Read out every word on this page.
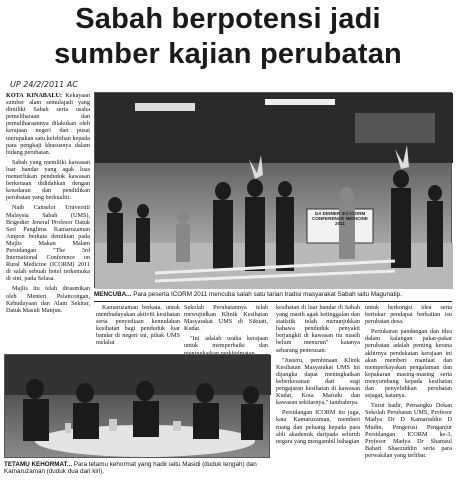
Sabah berpotensi jadi
sumber kajian perubatan
UP 24/2/2011 AC

KOTA KINABALU: Kekayaan sumber alam semulajadi yang dimiliki Sabah serta usaha pemeliharaan dan pemuliharaannya dilakukan oleh kerajaan negeri dan pusat merupakan satu kelebihan kepada para pengkaji khususnya dalam bidang perubatan.

Sabah yang memiliki kawasan luar bandar yang agak luas memerlukan penduduk kawasan berkenaan dididahkan dengan kesedaran dan pendidikan perubatan yang berkualiti.

Naib Canselor Universiti Malaysia Sabah (UMS), Brigedier Jeneral Profesor Datuk Seri Panglima Kamaruzaman Ampon berkata demikian pada Majlis Makan Malam Persidangan "The 3rd International Conference on Rural Medicine (ICORM) 2011 di salah sebuah hotel terkemuka di sini, pada Selasa.

Majlis itu telah dirasmikan oleh Menteri Pelancongan, Kebudayaan dan Alam Sekitar, Datuk Masidi Manjun.

GA DINNER 3rd ICORM CONFERENCE MEDICINE 2011
MENCUBA... Para peserta ICORM 2011 mencuba salah satu tarian tradisi masyarakat Sabah iaitu Magunatip.

Kamaruzaman berkata, untuk membudayakan aktiviti kesihatan serta penyediaan kemudahan kesihatan bagi penduduk luar bandar di negeri ini, pihak UMS melalui

Sekolah Perubatannya telah mewujudkan Klinik Kesihatan Masyarakat UMS di Sikuati, Kudat.

"Ini adalah usaha kerajaan untuk memperbaiki dan

kesihatan di luar bandar di Sabah yang masih agak ketinggalan dan statistik telah menunjukkan bahawa penduduk penyakit berjangkit di kawasan itu masih belum menurun" katanya sebarang penerusan.

"Justeru, pembinaan Klinik Kesihatan Masyarakat UMS ini dijangka dapat meningkatkan keberkesanan dari segi pengajaran kesihatan di kawasan Kudat, Kota Marudu dan kawasan sekitarnya," tambahnya.

Persidangan ICORM itu juga, kata Kamaruzaman, memberi ruang dan peluang kepada para ahli akademik daripada seluruh negara yang mengambil bahagian

untuk berkongsi idea serta bertukar pendapat berkaitan isu perubatan desa.

Pertukaran pandangan dan idea dalam kalangan pakar-pakar perubatan adalah penting kerana akhirnya pendekatan kerajaan ini akan memberi manfaat dan memperkayakan pengalaman dan kepakaran masing-masing serta menyumbang kepada kesihatan dan penyelidikan perubatan sejagat, katanya.

Turut hadir, Pemangku Dekan Sekolah Perubatan UMS, Profesor Madya Dr D Kamaruddin D Mudin, Pengerusi Penganjur Persidangan ICORM ke-3, Profesor Madya Dr Shamsul Bahari Shaezuddin serta para perwakilan yang terlibat.

TETAMU KEHORMAT... Para tetamu kehormat yang hadir iaitu Masidi (duduk tengah) dan Kamaruzaman (duduk dua dari kiri).
